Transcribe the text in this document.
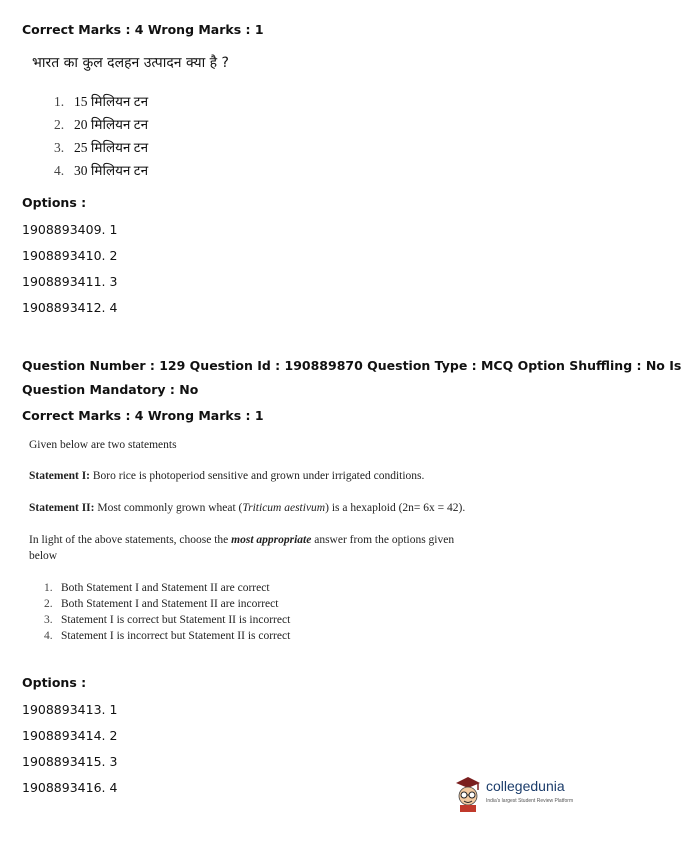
Correct Marks : 4 Wrong Marks : 1
भारत का कुल दलहन उत्पादन क्या है ?
1. 15 मिलियन टन
2. 20 मिलियन टन
3. 25 मिलियन टन
4. 30 मिलियन टन
Options :
1908893409. 1
1908893410. 2
1908893411. 3
1908893412. 4
Question Number : 129 Question Id : 190889870 Question Type : MCQ Option Shuffling : No Is
Question Mandatory : No
Correct Marks : 4 Wrong Marks : 1
Given below are two statements
Statement I: Boro rice is photoperiod sensitive and grown under irrigated conditions.
Statement II: Most commonly grown wheat (Triticum aestivum) is a hexaploid (2n= 6x = 42).
In light of the above statements, choose the most appropriate answer from the options given
below
1. Both Statement I and Statement II are correct
2. Both Statement I and Statement II are incorrect
3. Statement I is correct but Statement II is incorrect
4. Statement I is incorrect but Statement II is correct
Options :
1908893413. 1
1908893414. 2
1908893415. 3
1908893416. 4	collegedunia
India's largest Student Review Platform
